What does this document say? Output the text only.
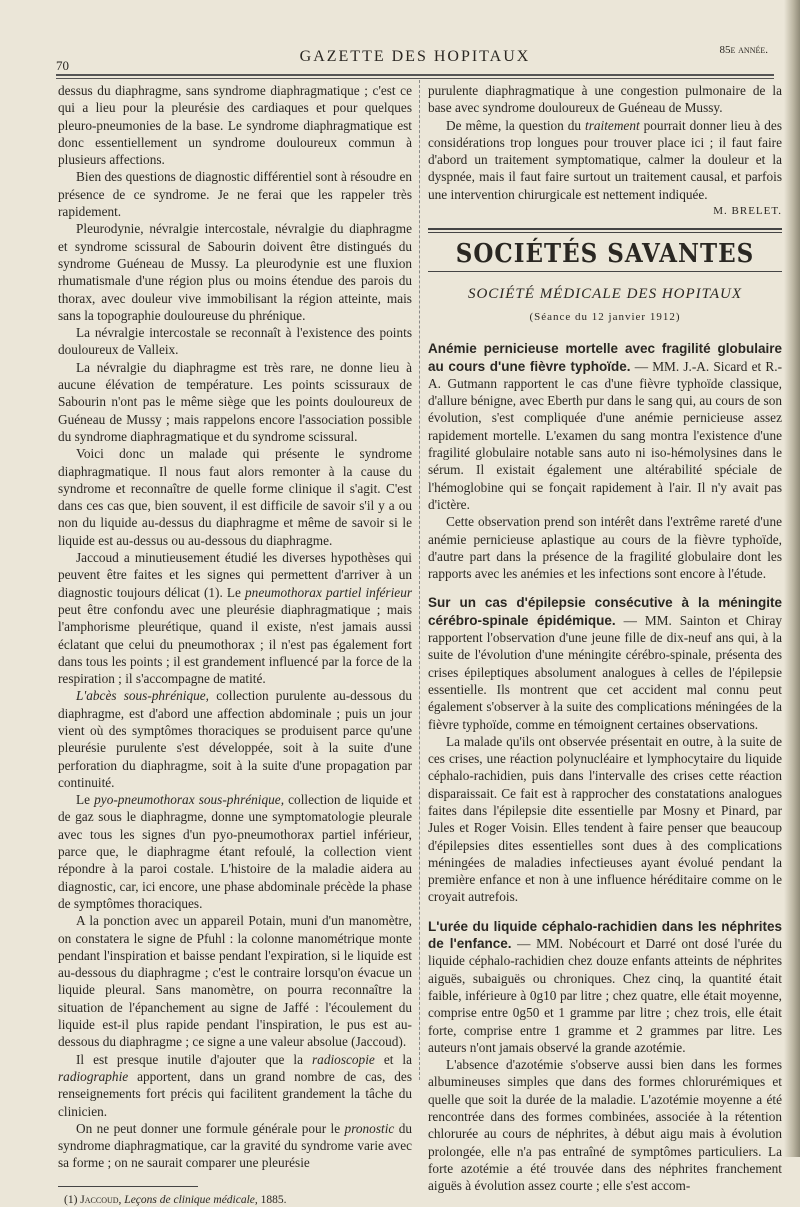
70
GAZETTE DES HOPITAUX	85e année.

dessus du diaphragme, sans syndrome diaphragmatique ; c'est ce qui a lieu pour la pleurésie des cardiaques et pour quelques pleuro-pneumonies de la base. Le syndrome diaphragmatique est donc essentiellement un syndrome douloureux commun à plusieurs affections.

Bien des questions de diagnostic différentiel sont à résoudre en présence de ce syndrome. Je ne ferai que les rappeler très rapidement.

Pleurodynie, névralgie intercostale, névralgie du diaphragme et syndrome scissural de Sabourin doivent être distingués du syndrome Guéneau de Mussy. La pleurodynie est une fluxion rhumatismale d'une région plus ou moins étendue des parois du thorax, avec douleur vive immobilisant la région atteinte, mais sans la topographie douloureuse du phrénique.

La névralgie intercostale se reconnaît à l'existence des points douloureux de Valleix.

La névralgie du diaphragme est très rare, ne donne lieu à aucune élévation de température. Les points scissuraux de Sabourin n'ont pas le même siège que les points douloureux de Guéneau de Mussy ; mais rappelons encore l'association possible du syndrome diaphragmatique et du syndrome scissural.

Voici donc un malade qui présente le syndrome diaphragmatique. Il nous faut alors remonter à la cause du syndrome et reconnaître de quelle forme clinique il s'agit. C'est dans ces cas que, bien souvent, il est difficile de savoir s'il y a ou non du liquide au-dessus du diaphragme et même de savoir si le liquide est au-dessus ou au-dessous du diaphragme.

Jaccoud a minutieusement étudié les diverses hypothèses qui peuvent être faites et les signes qui permettent d'arriver à un diagnostic toujours délicat (1). Le pneumothorax partiel inférieur peut être confondu avec une pleurésie diaphragmatique ; mais l'amphorisme pleurétique, quand il existe, n'est jamais aussi éclatant que celui du pneumothorax ; il n'est pas également fort dans tous les points ; il est grandement influencé par la force de la respiration ; il s'accompagne de matité.

L'abcès sous-phrénique, collection purulente au-dessous du diaphragme, est d'abord une affection abdominale ; puis un jour vient où des symptômes thoraciques se produisent parce qu'une pleurésie purulente s'est développée, soit à la suite d'une perforation du diaphragme, soit à la suite d'une propagation par continuité.

Le pyo-pneumothorax sous-phrénique, collection de liquide et de gaz sous le diaphragme, donne une symptomatologie pleurale avec tous les signes d'un pyo-pneumothorax partiel inférieur, parce que, le diaphragme étant refoulé, la collection vient répondre à la paroi costale. L'histoire de la maladie aidera au diagnostic, car, ici encore, une phase abdominale précède la phase de symptômes thoraciques.

A la ponction avec un appareil Potain, muni d'un manomètre, on constatera le signe de Pfuhl : la colonne manométrique monte pendant l'inspiration et baisse pendant l'expiration, si le liquide est au-dessous du diaphragme ; c'est le contraire lorsqu'on évacue un liquide pleural. Sans manomètre, on pourra reconnaître la situation de l'épanchement au signe de Jaffé : l'écoulement du liquide est-il plus rapide pendant l'inspiration, le pus est au-dessous du diaphragme ; ce signe a une valeur absolue (Jaccoud).

Il est presque inutile d'ajouter que la radioscopie et la radiographie apportent, dans un grand nombre de cas, des renseignements fort précis qui facilitent grandement la tâche du clinicien.

On ne peut donner une formule générale pour le pronostic du syndrome diaphragmatique, car la gravité du syndrome varie avec sa forme ; on ne saurait comparer une pleurésie

(1) Jaccoud, Leçons de clinique médicale, 1885.

purulente diaphragmatique à une congestion pulmonaire de la base avec syndrome douloureux de Guéneau de Mussy.

De même, la question du traitement pourrait donner lieu à des considérations trop longues pour trouver place ici ; il faut faire d'abord un traitement symptomatique, calmer la douleur et la dyspnée, mais il faut faire surtout un traitement causal, et parfois une intervention chirurgicale est nettement indiquée.

M. BRELET.
SOCIÉTÉS SAVANTES
SOCIÉTÉ MÉDICALE DES HOPITAUX
(Séance du 12 janvier 1912)

Anémie pernicieuse mortelle avec fragilité globulaire au cours d'une fièvre typhoïde. — MM. J.-A. Sicard et R.-A. Gutmann rapportent le cas d'une fièvre typhoïde classique, d'allure bénigne, avec Eberth pur dans le sang qui, au cours de son évolution, s'est compliquée d'une anémie pernicieuse assez rapidement mortelle. L'examen du sang montra l'existence d'une fragilité globulaire notable sans auto ni iso-hémolysines dans le sérum. Il existait également une altérabilité spéciale de l'hémoglobine qui se fonçait rapidement à l'air. Il n'y avait pas d'ictère.

Cette observation prend son intérêt dans l'extrême rareté d'une anémie pernicieuse aplastique au cours de la fièvre typhoïde, d'autre part dans la présence de la fragilité globulaire dont les rapports avec les anémies et les infections sont encore à l'étude.

Sur un cas d'épilepsie consécutive à la méningite cérébro-spinale épidémique. — MM. Sainton et Chiray rapportent l'observation d'une jeune fille de dix-neuf ans qui, à la suite de l'évolution d'une méningite cérébro-spinale, présenta des crises épileptiques absolument analogues à celles de l'épilepsie essentielle. Ils montrent que cet accident mal connu peut également s'observer à la suite des complications méningées de la fièvre typhoïde, comme en témoignent certaines observations.

La malade qu'ils ont observée présentait en outre, à la suite de ces crises, une réaction polynucléaire et lymphocytaire du liquide céphalo-rachidien, puis dans l'intervalle des crises cette réaction disparaissait. Ce fait est à rapprocher des constatations analogues faites dans l'épilepsie dite essentielle par Mosny et Pinard, par Jules et Roger Voisin. Elles tendent à faire penser que beaucoup d'épilepsies dites essentielles sont dues à des complications méningées de maladies infectieuses ayant évolué pendant la première enfance et non à une influence héréditaire comme on le croyait autrefois.

L'urée du liquide céphalo-rachidien dans les néphrites de l'enfance. — MM. Nobécourt et Darré ont dosé l'urée du liquide céphalo-rachidien chez douze enfants atteints de néphrites aiguës, subaiguës ou chroniques. Chez cinq, la quantité était faible, inférieure à 0g10 par litre ; chez quatre, elle était moyenne, comprise entre 0g50 et 1 gramme par litre ; chez trois, elle était forte, comprise entre 1 gramme et 2 grammes par litre. Les auteurs n'ont jamais observé la grande azotémie.

L'absence d'azotémie s'observe aussi bien dans les formes albumineuses simples que dans des formes chlorurémiques et quelle que soit la durée de la maladie. L'azotémie moyenne a été rencontrée dans des formes combinées, associée à la rétention chlorurée au cours de néphrites, à début aigu mais à évolution prolongée, elle n'a pas entraîné de symptômes particuliers. La forte azotémie a été trouvée dans des néphrites franchement aiguës à évolution assez courte ; elle s'est accom-
